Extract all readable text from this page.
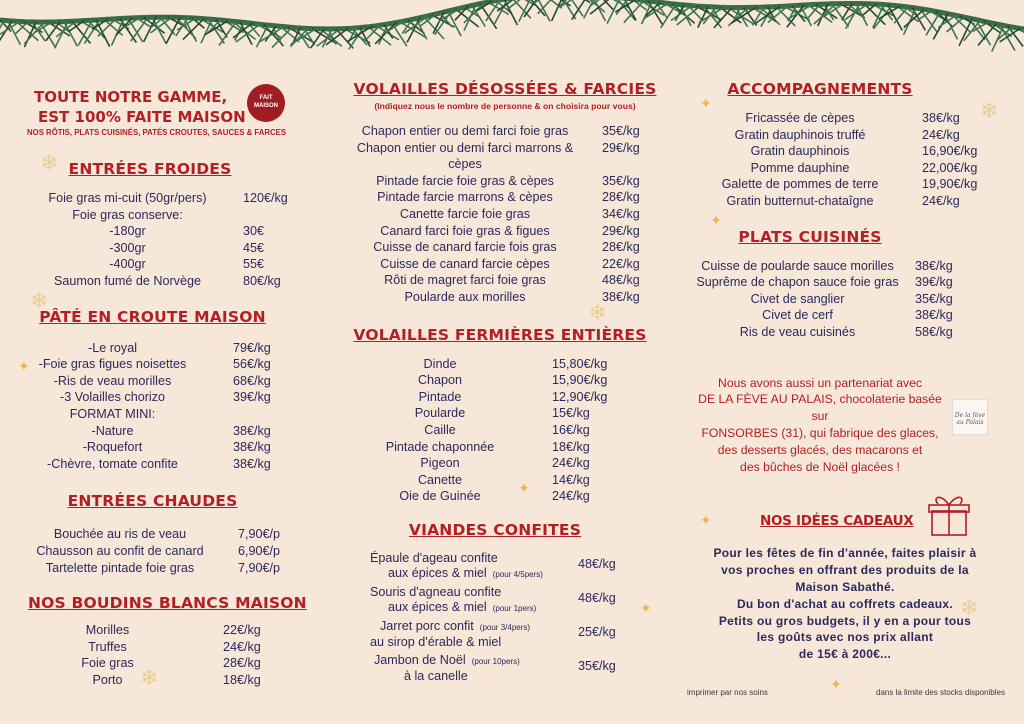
❄
❄	❄
❄
❄
❄
✦
✦
✦
✦
✦
✦
✦
TOUTE NOTRE GAMME,
EST 100% FAITE MAISON
FAIT
MAISON
NOS RÔTIS, PLATS CUISINÉS, PATÉS CROUTES, SAUCES & FARCES
ENTRÉES FROIDES
Foie gras mi-cuit (50gr/pers)	120€/kg
Foie gras conserve:
-180gr	30€
-300gr	45€
-400gr	55€
Saumon fumé de Norvège	80€/kg
PÂTÉ EN CROUTE MAISON
-Le royal	79€/kg
-Foie gras figues noisettes	56€/kg
-Ris de veau morilles	68€/kg
-3 Volailles chorizo	39€/kg
FORMAT MINI:
-Nature	38€/kg
-Roquefort	38€/kg
-Chèvre, tomate confite	38€/kg
ENTRÉES CHAUDES
Bouchée au ris de veau	7,90€/p
Chausson au confit de canard	6,90€/p
Tartelette pintade foie gras	7,90€/p
NOS BOUDINS BLANCS MAISON
Morilles	22€/kg
Truffes	24€/kg
Foie gras	28€/kg
Porto	18€/kg
VOLAILLES DÉSOSSÉES & FARCIES
(Indiquez nous le nombre de personne & on choisira pour vous)
Chapon entier ou demi farci foie gras	35€/kg
Chapon entier ou demi farci marrons & cèpes
29€/kg
Pintade farcie foie gras & cèpes	35€/kg
Pintade farcie marrons & cèpes	28€/kg
Canette farcie foie gras	34€/kg
Canard farci foie gras & figues	29€/kg
Cuisse de canard farcie fois gras	28€/kg
Cuisse de canard farcie cèpes	22€/kg
Rôti de magret farci foie gras	48€/kg
Poularde aux morilles	38€/kg
VOLAILLES FERMIÈRES ENTIÈRES
Dinde	15,80€/kg
Chapon	15,90€/kg
Pintade	12,90€/kg
Poularde	15€/kg
Caille	16€/kg
Pintade chaponnée	18€/kg
Pigeon	24€/kg
Canette	14€/kg
Oie de Guinée	24€/kg
VIANDES CONFITES
Épaule d'ageau confite
aux épices & miel (pour 4/5pers)
48€/kg
Souris d'agneau confite
aux épices & miel (pour 1pers)
48€/kg
Jarret porc confit (pour 3/4pers)
au sirop d'érable & miel
25€/kg
Jambon de Noël (pour 10pers)
à la canelle
35€/kg
ACCOMPAGNEMENTS
Fricassée de cèpes	38€/kg
Gratin dauphinois truffé	24€/kg
Gratin dauphinois	16,90€/kg
Pomme dauphine	22,00€/kg
Galette de pommes de terre	19,90€/kg
Gratin butternut-chataîgne	24€/kg
PLATS CUISINÉS
Cuisse de poularde sauce morilles	38€/kg
Suprême de chapon sauce foie gras	39€/kg
Civet de sanglier	35€/kg
Civet de cerf	38€/kg
Ris de veau cuisinés	58€/kg
Nous avons aussi un partenariat avec
DE LA FÈVE AU PALAIS, chocolaterie basée sur
FONSORBES (31), qui fabrique des glaces,
des desserts glacés, des macarons et
des bûches de Noël glacées !
De la fève au Palais
NOS IDÉES CADEAUX
Pour les fêtes de fin d'année, faites plaisir à
vos proches en offrant des produits de la
Maison Sabathé.
Du bon d'achat au coffrets cadeaux.
Petits ou gros budgets, il y en a pour tous
les goûts avec nos prix allant
de 15€ à 200€...
imprimer par nos soins	dans la limite des stocks disponibles
